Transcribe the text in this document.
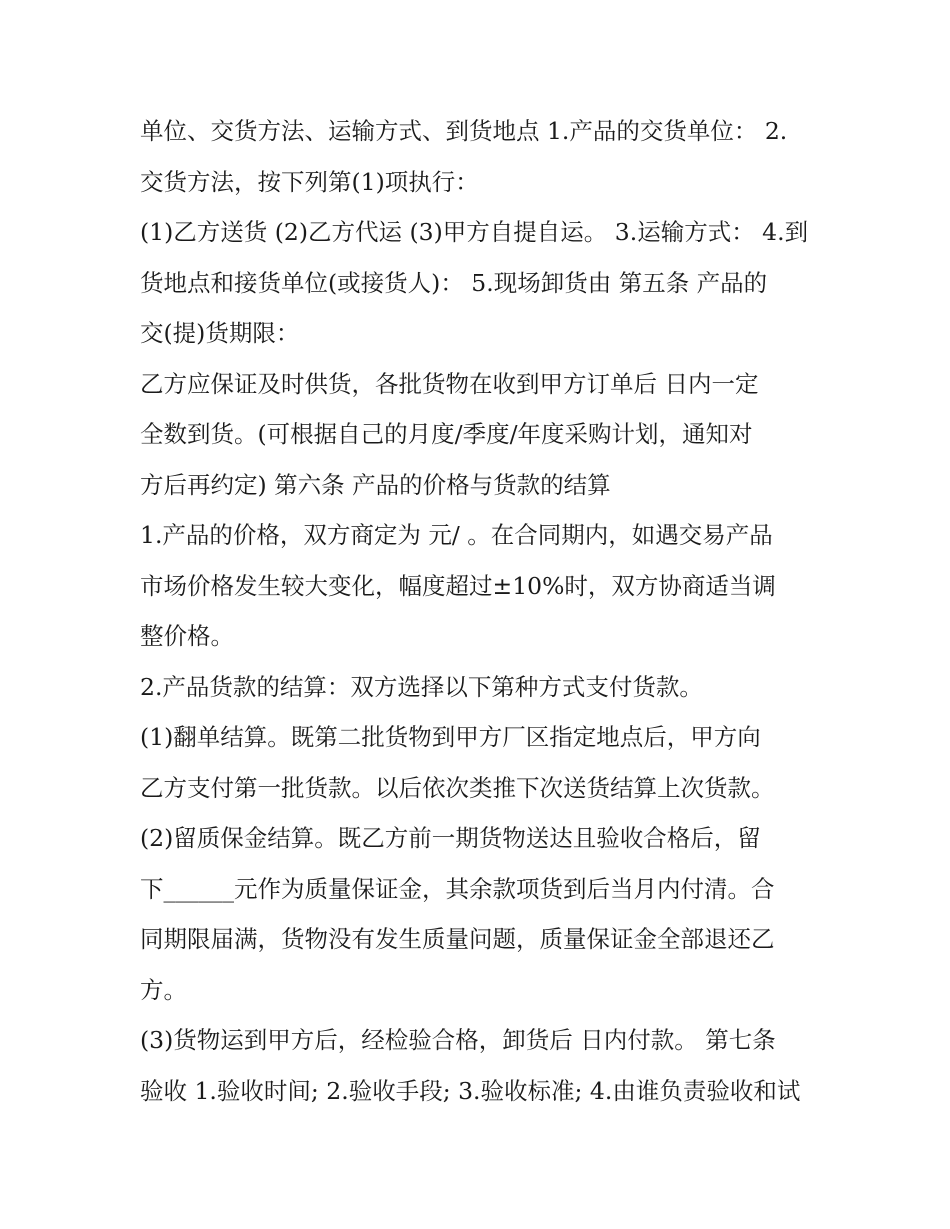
单位、交货方法、运输方式、到货地点 1.产品的交货单位： 2.
交货方法，按下列第(1)项执行：
(1)乙方送货 (2)乙方代运 (3)甲方自提自运。 3.运输方式： 4.到
货地点和接货单位(或接货人)： 5.现场卸货由 第五条 产品的
交(提)货期限：
乙方应保证及时供货，各批货物在收到甲方订单后 日内一定
全数到货。(可根据自己的月度/季度/年度采购计划，通知对
方后再约定) 第六条 产品的价格与货款的结算
1.产品的价格，双方商定为 元/ 。在合同期内，如遇交易产品
市场价格发生较大变化，幅度超过±10%时，双方协商适当调
整价格。
2.产品货款的结算：双方选择以下第种方式支付货款。
(1)翻单结算。既第二批货物到甲方厂区指定地点后，甲方向
乙方支付第一批货款。以后依次类推下次送货结算上次货款。
(2)留质保金结算。既乙方前一期货物送达且验收合格后，留
下______元作为质量保证金，其余款项货到后当月内付清。合
同期限届满，货物没有发生质量问题，质量保证金全部退还乙
方。
(3)货物运到甲方后，经检验合格，卸货后 日内付款。 第七条
验收 1.验收时间; 2.验收手段; 3.验收标准; 4.由谁负责验收和试
